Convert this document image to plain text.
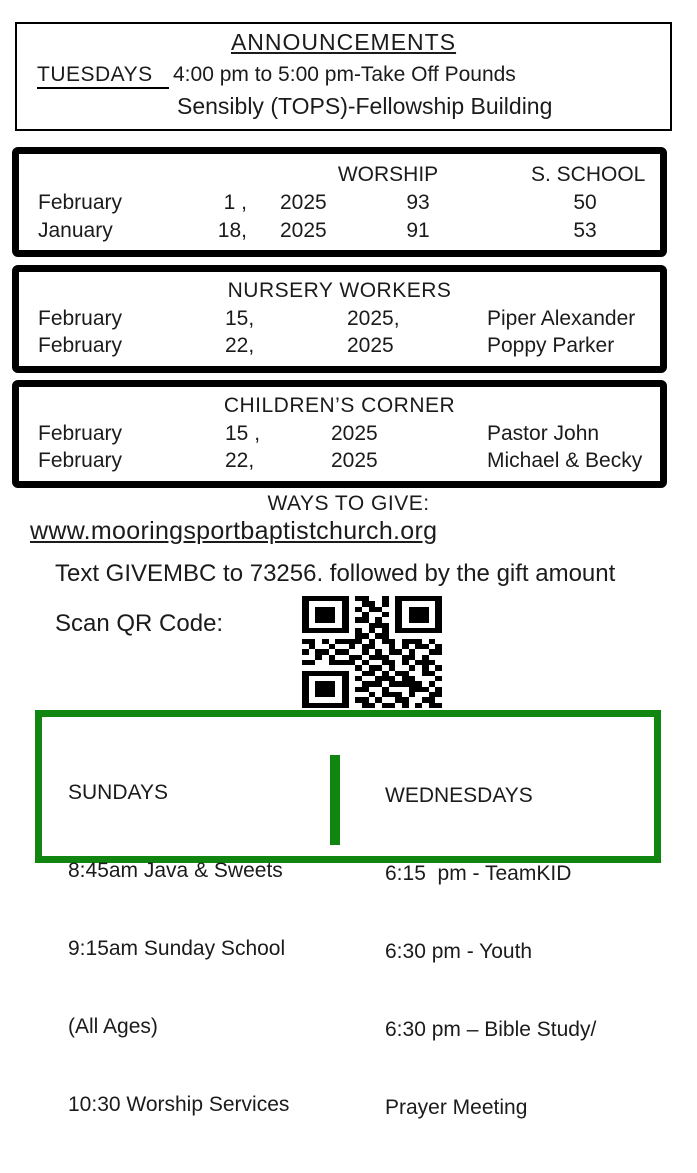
ANNOUNCEMENTS
TUESDAYS 4:00 pm to 5:00 pm-Take Off Pounds
Sensibly (TOPS)-Fellowship Building
WORSHIP	S. SCHOOL
February	1 , 2025	93	50
January	18, 2025	91	53
NURSERY WORKERS
February	15,	2025,	Piper Alexander
February	22,	2025	Poppy Parker
CHILDREN’S CORNER
February	15 ,	2025	Pastor John
February	22,	2025	Michael & Becky
WAYS TO GIVE:
www.mooringsportbaptistchurch.org
Text GIVEMBC to 73256. followed by the gift amount
Scan QR Code:

SUNDAYS

8:45am Java & Sweets

9:15am Sunday School

(All Ages)

10:30 Worship Services

WEDNESDAYS

6:15  pm - TeamKID

6:30 pm - Youth

6:30 pm – Bible Study/

Prayer Meeting
